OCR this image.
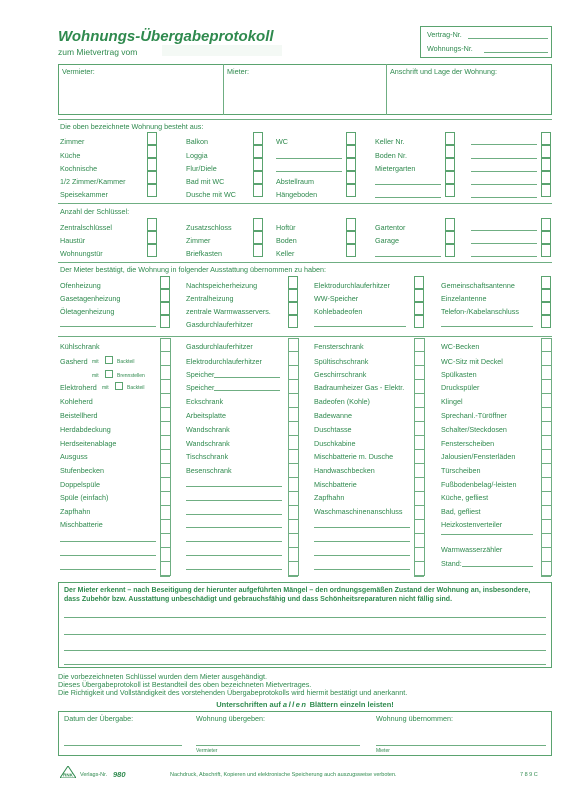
Wohnungs-Übergabeprotokoll
zum Mietvertrag vom
Vertrag-Nr.
Wohnungs-Nr.
Vermieter:	Mieter:	Anschrift und Lage der Wohnung:
Die oben bezeichnete Wohnung besteht aus:
Zimmer
Küche
Kochnische
1/2 Zimmer/Kammer
Speisekammer
Balkon
Loggia
Flur/Diele
Bad mit WC
Dusche mit WC
WC
Abstellraum
Hängeboden
Keller Nr.
Boden Nr.
Mietergarten
Anzahl der Schlüssel:
Zentralschlüssel
Haustür
Wohnungstür
Zusatzschloss
Zimmer
Briefkasten
Hoftür
Boden
Keller
Gartentor
Garage
Der Mieter bestätigt, die Wohnung in folgender Ausstattung übernommen zu haben:
Ofenheizung
Gasetagenheizung
Öletagenheizung
Nachtspeicherheizung
Zentralheizung
zentrale Warmwasservers.
Gasdurchlauferhitzer
Elektrodurchlauferhitzer
WW-Speicher
Kohlebadeofen
Gemeinschaftsantenne
Einzelantenne
Telefon-/Kabelanschluss
Kühlschrank
Gasherd mit	Backteil
mit	Brennstellen
Elektroherd mit	Backteil
Kohleherd
Beistellherd
Herdabdeckung
Herdseitenablage
Ausguss
Stufenbecken
Doppelspüle
Spüle (einfach)
Zapfhahn
Mischbatterie
Gasdurchlauferhitzer
Elektrodurchlauferhitzer
Speicher
Speicher
Eckschrank
Arbeitsplatte
Wandschrank
Wandschrank
Tischschrank
Besenschrank
Fensterschrank
Spültischschrank
Geschirrschrank
Badraumheizer Gas - Elektr.
Badeofen (Kohle)
Badewanne
Duschtasse
Duschkabine
Mischbatterie m. Dusche
Handwaschbecken
Mischbatterie
Zapfhahn
Waschmaschinenanschluss
WC-Becken
WC-Sitz mit Deckel
Spülkasten
Druckspüler
Klingel
Sprechanl.-Türöffner
Schalter/Steckdosen
Fensterscheiben
Jalousien/Fensterläden
Türscheiben
Fußbodenbelag/-leisten
Küche, gefliest
Bad, gefliest
Heizkostenverteiler
Warmwasserzähler
Stand:
Der Mieter erkennt – nach Beseitigung der hierunter aufgeführten Mängel – den ordnungsgemäßen Zustand der Wohnung an, insbesondere, dass Zubehör bzw. Ausstattung unbeschädigt und gebrauchsfähig und dass Schönheitsreparaturen nicht fällig sind.
Die vorbezeichneten Schlüssel wurden dem Mieter ausgehändigt.
Dieses Übergabeprotokoll ist Bestandteil des oben bezeichneten Mietvertrages.
Die Richtigkeit und Vollständigkeit des vorstehenden Übergabeprotokolls wird hiermit bestätigt und anerkannt.
Unterschriften auf allen Blättern einzeln leisten!
Datum der Übergabe:	Wohnung übergeben:	Wohnung übernommen:
Vermieter	Mieter
RNK Verlags-Nr. 980	Nachdruck, Abschrift, Kopieren und elektronische Speicherung auch auszugsweise verboten.	7 8 9 C
